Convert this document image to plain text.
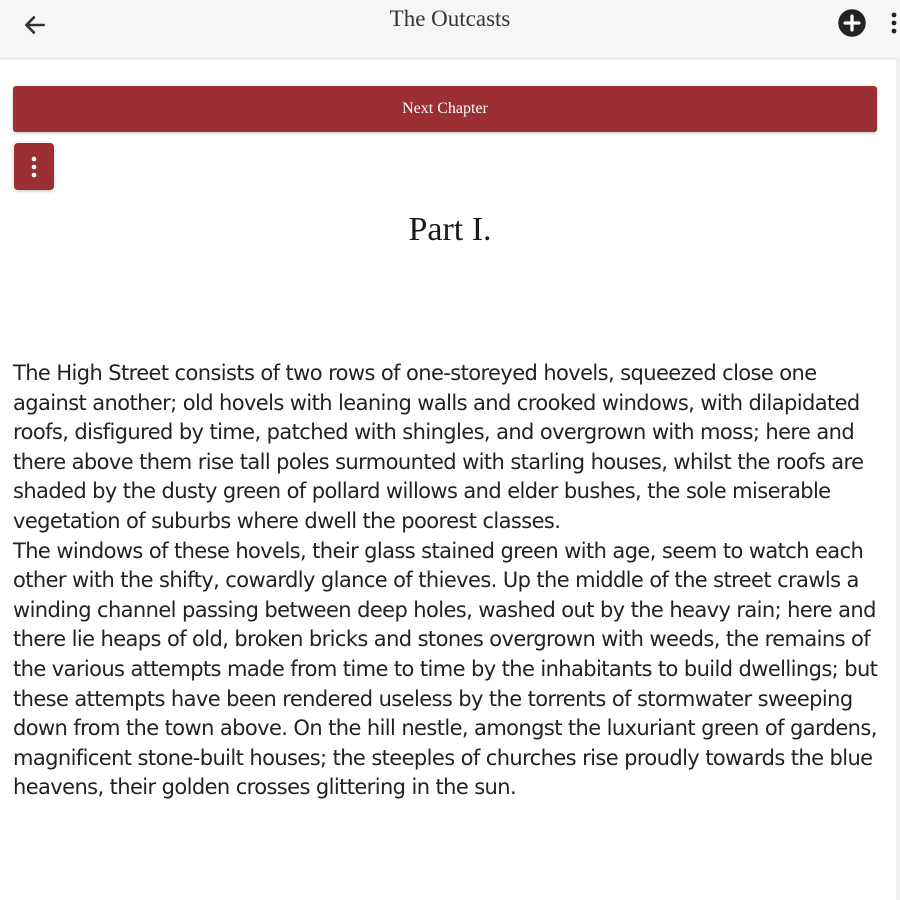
The Outcasts
Next Chapter
Part I.

The High Street consists of two rows of one-storeyed hovels, squeezed close one against another; old hovels with leaning walls and crooked windows, with dilapidated roofs, disfigured by time, patched with shingles, and overgrown with moss; here and there above them rise tall poles surmounted with starling houses, whilst the roofs are shaded by the dusty green of pollard willows and elder bushes, the sole miserable vegetation of suburbs where dwell the poorest classes.

The windows of these hovels, their glass stained green with age, seem to watch each other with the shifty, cowardly glance of thieves. Up the middle of the street crawls a winding channel passing between deep holes, washed out by the heavy rain; here and there lie heaps of old, broken bricks and stones overgrown with weeds, the remains of the various attempts made from time to time by the inhabitants to build dwellings; but these attempts have been rendered useless by the torrents of stormwater sweeping down from the town above. On the hill nestle, amongst the luxuriant green of gardens, magnificent stone-built houses; the steeples of churches rise proudly towards the blue heavens, their golden crosses glittering in the sun.
